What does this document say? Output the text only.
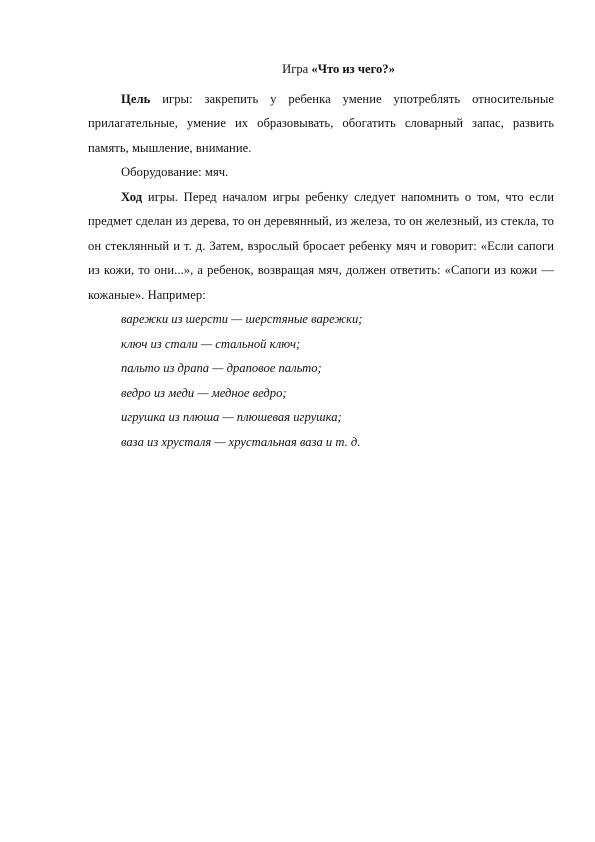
Игра «Что из чего?»

Цель игры: закрепить у ребенка умение употреблять относительные прилагательные, умение их образовывать, обогатить словарный запас, развить память, мышление, внимание.

Оборудование: мяч.

Ход игры. Перед началом игры ребенку следует напомнить о том, что если предмет сделан из дерева, то он деревянный, из железа, то он железный, из стекла, то он стеклянный и т. д. Затем, взрослый бросает ребенку мяч и говорит: «Если сапоги из кожи, то они...», а ребенок, возвращая мяч, должен ответить: «Сапоги из кожи — кожаные». Например:

варежки из шерсти — шерстяные варежки;
ключ из стали — стальной ключ;
пальто из драпа — драповое пальто;
ведро из меди — медное ведро;
игрушка из плюша — плюшевая игрушка;
ваза из хрусталя — хрустальная ваза и т. д.
